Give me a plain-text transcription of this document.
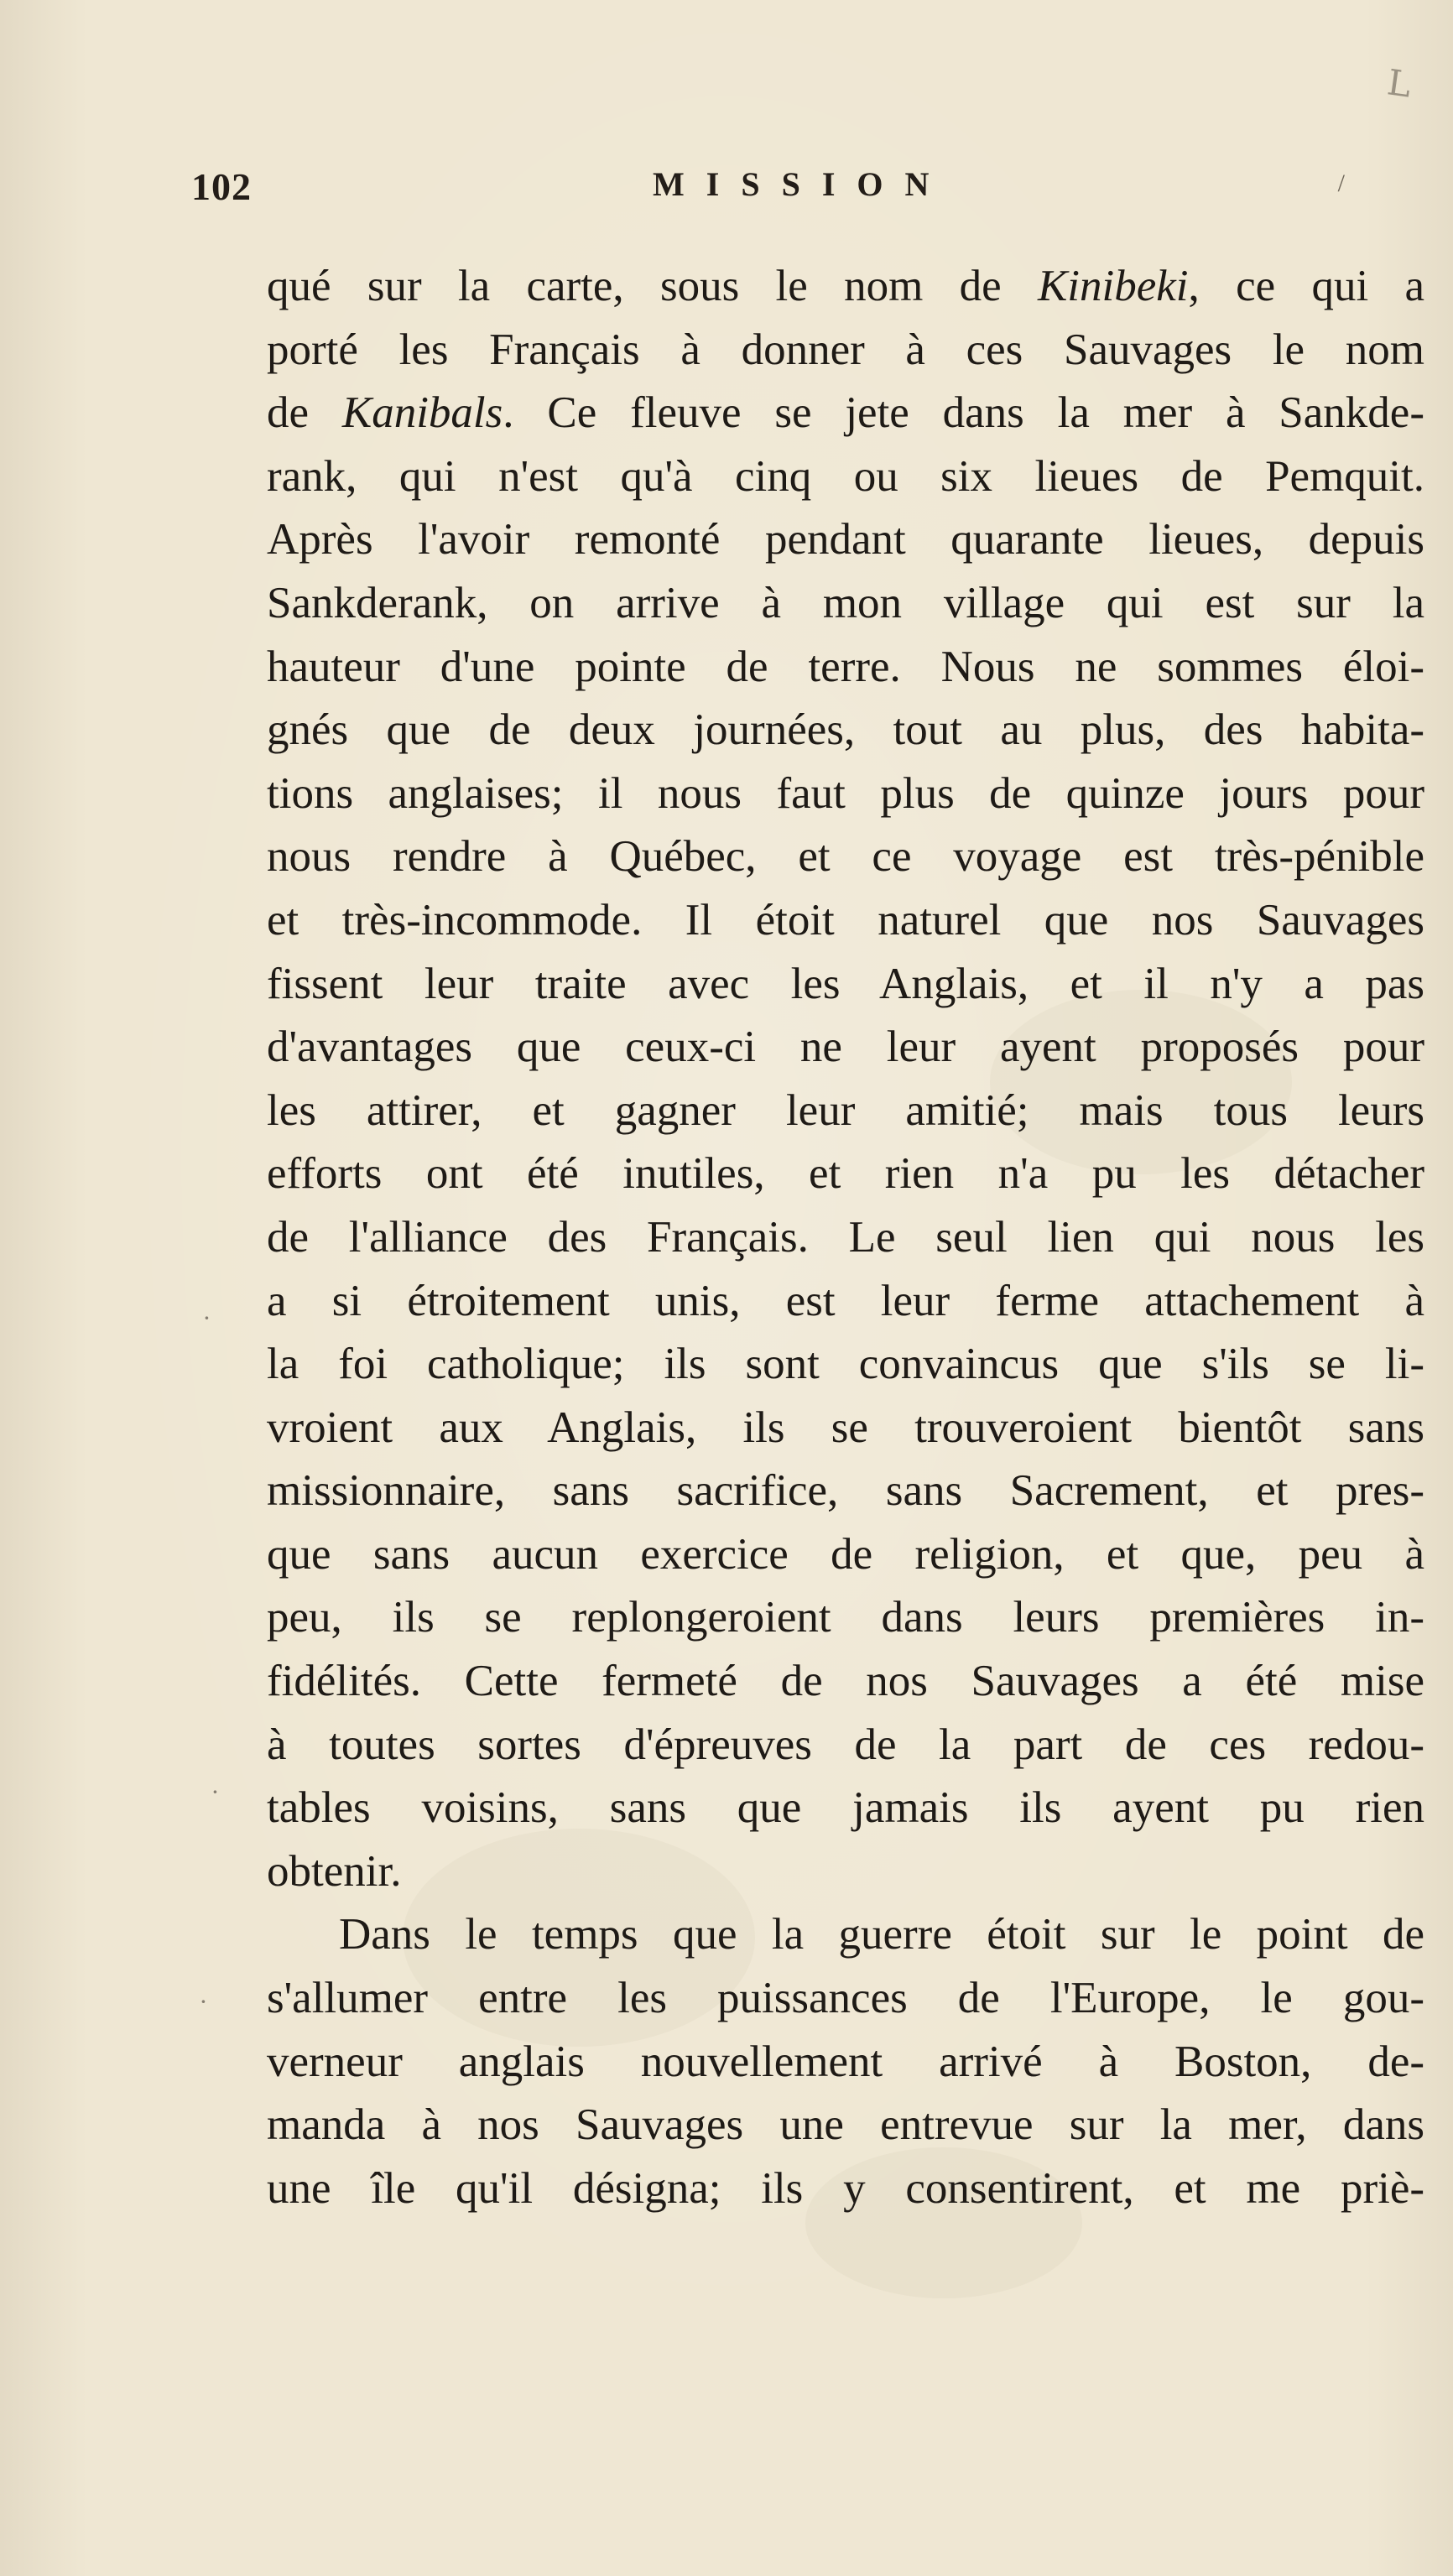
L
102	MISSION	/
·
·
·
qué sur la carte, sous le nom de Kinibeki, ce qui a
porté les Français à donner à ces Sauvages le nom
de Kanibals. Ce fleuve se jete dans la mer à Sankde-
rank, qui n'est qu'à cinq ou six lieues de Pemquit.
Après l'avoir remonté pendant quarante lieues, depuis
Sankderank, on arrive à mon village qui est sur la
hauteur d'une pointe de terre. Nous ne sommes éloi-
gnés que de deux journées, tout au plus, des habita-
tions anglaises; il nous faut plus de quinze jours pour
nous rendre à Québec, et ce voyage est très-pénible
et très-incommode. Il étoit naturel que nos Sauvages
fissent leur traite avec les Anglais, et il n'y a pas
d'avantages que ceux-ci ne leur ayent proposés pour
les attirer, et gagner leur amitié; mais tous leurs
efforts ont été inutiles, et rien n'a pu les détacher
de l'alliance des Français. Le seul lien qui nous les
a si étroitement unis, est leur ferme attachement à
la foi catholique; ils sont convaincus que s'ils se li-
vroient aux Anglais, ils se trouveroient bientôt sans
missionnaire, sans sacrifice, sans Sacrement, et pres-
que sans aucun exercice de religion, et que, peu à
peu, ils se replongeroient dans leurs premières in-
fidélités. Cette fermeté de nos Sauvages a été mise
à toutes sortes d'épreuves de la part de ces redou-
tables voisins, sans que jamais ils ayent pu rien
obtenir.
Dans le temps que la guerre étoit sur le point de
s'allumer entre les puissances de l'Europe, le gou-
verneur anglais nouvellement arrivé à Boston, de-
manda à nos Sauvages une entrevue sur la mer, dans
une île qu'il désigna; ils y consentirent, et me priè-
